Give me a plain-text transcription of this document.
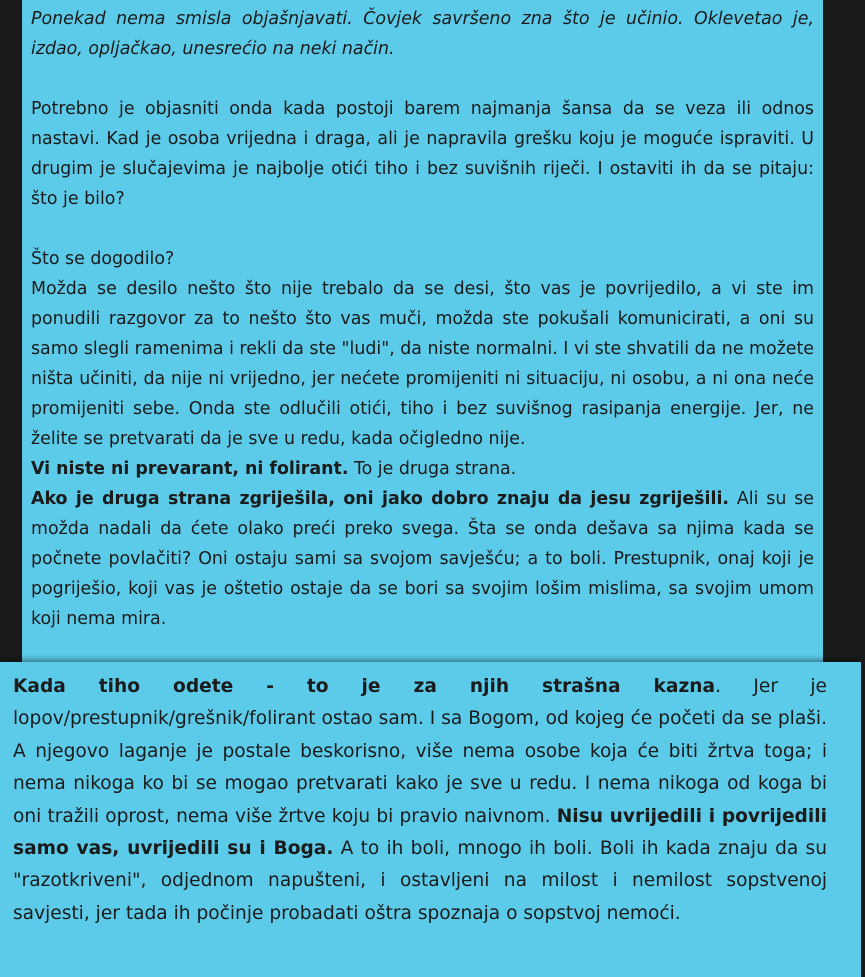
Ponekad nema smisla objašnjavati. Čovjek savršeno zna što je učinio. Oklevetao je, izdao, opljačkao, unesrećio na neki način.

Potrebno je objasniti onda kada postoji barem najmanja šansa da se veza ili odnos nastavi. Kad je osoba vrijedna i draga, ali je napravila grešku koju je moguće ispraviti. U drugim je slučajevima je najbolje otići tiho i bez suvišnih riječi. I ostaviti ih da se pitaju: što je bilo?

Što se dogodilo?

Možda se desilo nešto što nije trebalo da se desi, što vas je povrijedilo, a vi ste im ponudili razgovor za to nešto što vas muči, možda ste pokušali komunicirati, a oni su samo slegli ramenima i rekli da ste "ludi", da niste normalni. I vi ste shvatili da ne možete ništa učiniti, da nije ni vrijedno, jer nećete promijeniti ni situaciju, ni osobu, a ni ona neće promijeniti sebe. Onda ste odlučili otići, tiho i bez suvišnog rasipanja energije. Jer, ne želite se pretvarati da je sve u redu, kada očigledno nije.

Vi niste ni prevarant, ni folirant. To je druga strana.

Ako je druga strana zgriješila, oni jako dobro znaju da jesu zgriješili. Ali su se možda nadali da ćete olako preći preko svega. Šta se onda dešava sa njima kada se počnete povlačiti? Oni ostaju sami sa svojom savješću; a to boli. Prestupnik, onaj koji je pogriješio, koji vas je oštetio ostaje da se bori sa svojim lošim mislima, sa svojim umom koji nema mira.

Kada tiho odete - to je za njih strašna kazna. Jer je lopov/prestupnik/grešnik/folirant ostao sam. I sa Bogom, od kojeg će početi da se plaši. A njegovo laganje je postale beskorisno, više nema osobe koja će biti žrtva toga; i nema nikoga ko bi se mogao pretvarati kako je sve u redu. I nema nikoga od koga bi oni tražili oprost, nema više žrtve koju bi pravio naivnom. Nisu uvrijedili i povrijedili samo vas, uvrijedili su i Boga. A to ih boli, mnogo ih boli. Boli ih kada znaju da su "razotkriveni", odjednom napušteni, i ostavljeni na milost i nemilost sopstvenoj savjesti, jer tada ih počinje probadati oštra spoznaja o sopstvoj nemoći.
